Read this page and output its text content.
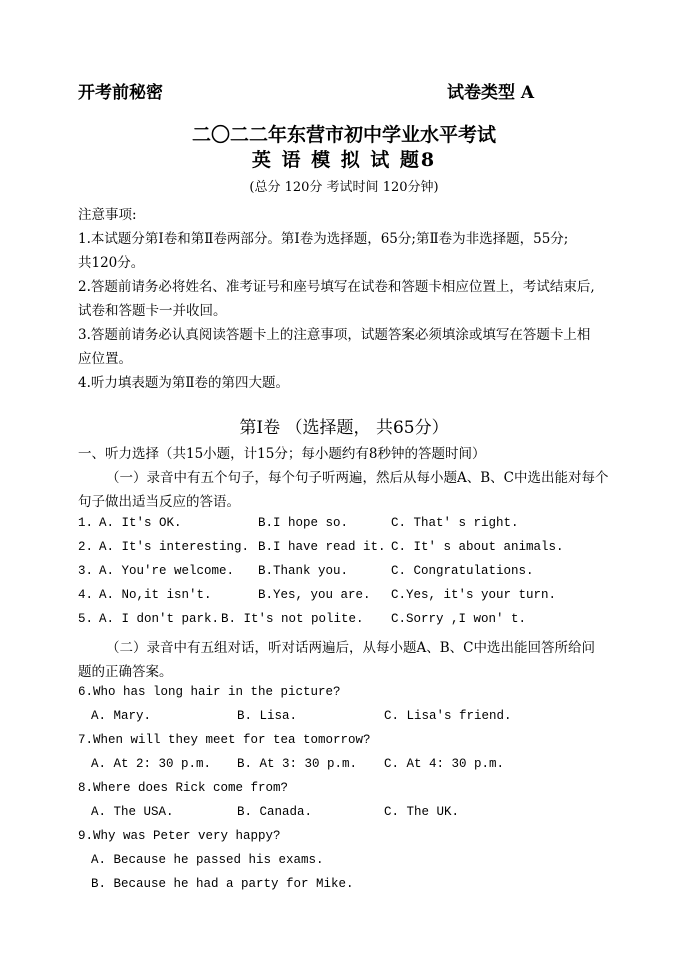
开考前秘密	试卷类型 A
二〇二二年东营市初中学业水平考试
英 语 模 拟 试 题8
(总分 120分 考试时间 120分钟)
注意事项:
1.本试题分第Ⅰ卷和第Ⅱ卷两部分。第Ⅰ卷为选择题，65分;第Ⅱ卷为非选择题，55分;
共120分。
2.答题前请务必将姓名、准考证号和座号填写在试卷和答题卡相应位置上，考试结束后,
试卷和答题卡一并收回。
3.答题前请务必认真阅读答题卡上的注意事项，试题答案必须填涂或填写在答题卡上相
应位置。
4.听力填表题为第Ⅱ卷的第四大题。
第Ⅰ卷 （选择题， 共65分）
一、听力选择（共15小题，计15分；每小题约有8秒钟的答题时间）
（一）录音中有五个句子，每个句子听两遍，然后从每小题A、B、C中选出能对每个
句子做出适当反应的答语。
1. A. It's OK.	B.I hope so.	C. That' s right.
2. A. It's interesting. B.I have read it. C. It' s about animals.
3. A. You're welcome. B.Thank you.	C. Congratulations.
4. A. No,it isn't.	B.Yes, you are. C.Yes, it's your turn.
5. A. I don't park. B. It's not polite. C.Sorry ,I won' t.
（二）录音中有五组对话，听对话两遍后，从每小题A、B、C中选出能回答所给问
题的正确答案。
6.Who has long hair in the picture?
A. Mary.	B. Lisa.	C. Lisa's friend.
7.When will they meet for tea tomorrow?
A. At 2: 30 p.m. B. At 3: 30 p.m. C. At 4: 30 p.m.
8.Where does Rick come from?
A. The USA.	B. Canada.	C. The UK.
9.Why was Peter very happy?
A. Because he passed his exams.
B. Because he had a party for Mike.
